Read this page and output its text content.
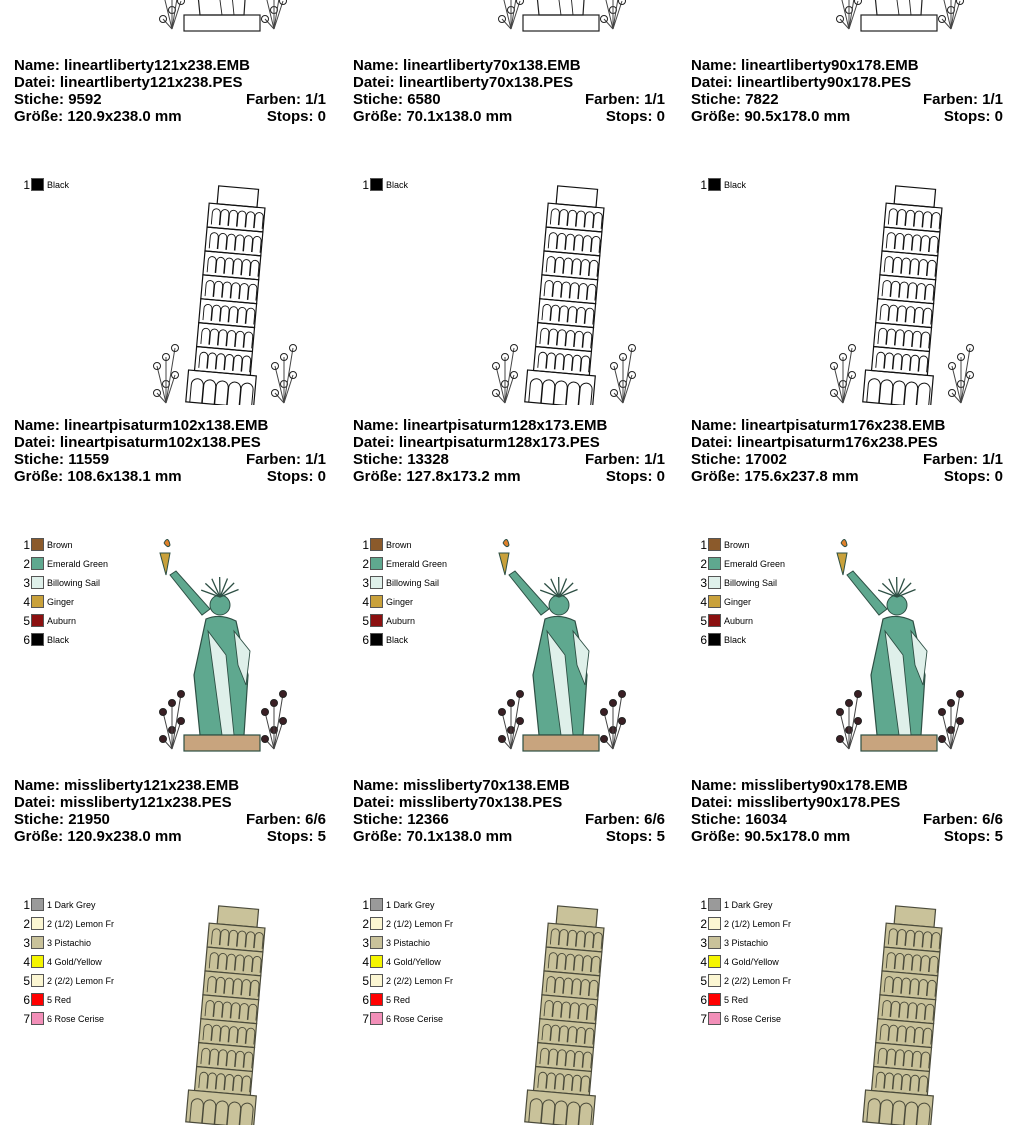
Name: lineartliberty121x238.EMB
Datei: lineartliberty121x238.PES
Stiche: 9592	Farben: 1/1
Größe: 120.9x238.0 mm	Stops: 0
Name: lineartliberty70x138.EMB
Datei: lineartliberty70x138.PES
Stiche: 6580	Farben: 1/1
Größe: 70.1x138.0 mm	Stops: 0
Name: lineartliberty90x178.EMB
Datei: lineartliberty90x178.PES
Stiche: 7822	Farben: 1/1
Größe: 90.5x178.0 mm	Stops: 0
1 Black
Name: lineartpisaturm102x138.EMB
Datei: lineartpisaturm102x138.PES
Stiche: 11559	Farben: 1/1
Größe: 108.6x138.1 mm	Stops: 0
1 Black
Name: lineartpisaturm128x173.EMB
Datei: lineartpisaturm128x173.PES
Stiche: 13328	Farben: 1/1
Größe: 127.8x173.2 mm	Stops: 0
1 Black
Name: lineartpisaturm176x238.EMB
Datei: lineartpisaturm176x238.PES
Stiche: 17002	Farben: 1/1
Größe: 175.6x237.8 mm	Stops: 0
1 Brown
2 Emerald Green
3 Billowing Sail
4 Ginger
5 Auburn
6 Black
Name: missliberty121x238.EMB
Datei: missliberty121x238.PES
Stiche: 21950	Farben: 6/6
Größe: 120.9x238.0 mm	Stops: 5
1 Brown
2 Emerald Green
3 Billowing Sail
4 Ginger
5 Auburn
6 Black
Name: missliberty70x138.EMB
Datei: missliberty70x138.PES
Stiche: 12366	Farben: 6/6
Größe: 70.1x138.0 mm	Stops: 5
1 Brown
2 Emerald Green
3 Billowing Sail
4 Ginger
5 Auburn
6 Black
Name: missliberty90x178.EMB
Datei: missliberty90x178.PES
Stiche: 16034	Farben: 6/6
Größe: 90.5x178.0 mm	Stops: 5
1 1 Dark Grey
2 2 (1/2) Lemon Fr
3 3 Pistachio
4 4 Gold/Yellow
5 2 (2/2) Lemon Fr
6 5 Red
7 6 Rose Cerise
1 1 Dark Grey
2 2 (1/2) Lemon Fr
3 3 Pistachio
4 4 Gold/Yellow
5 2 (2/2) Lemon Fr
6 5 Red
7 6 Rose Cerise
1 1 Dark Grey
2 2 (1/2) Lemon Fr
3 3 Pistachio
4 4 Gold/Yellow
5 2 (2/2) Lemon Fr
6 5 Red
7 6 Rose Cerise
